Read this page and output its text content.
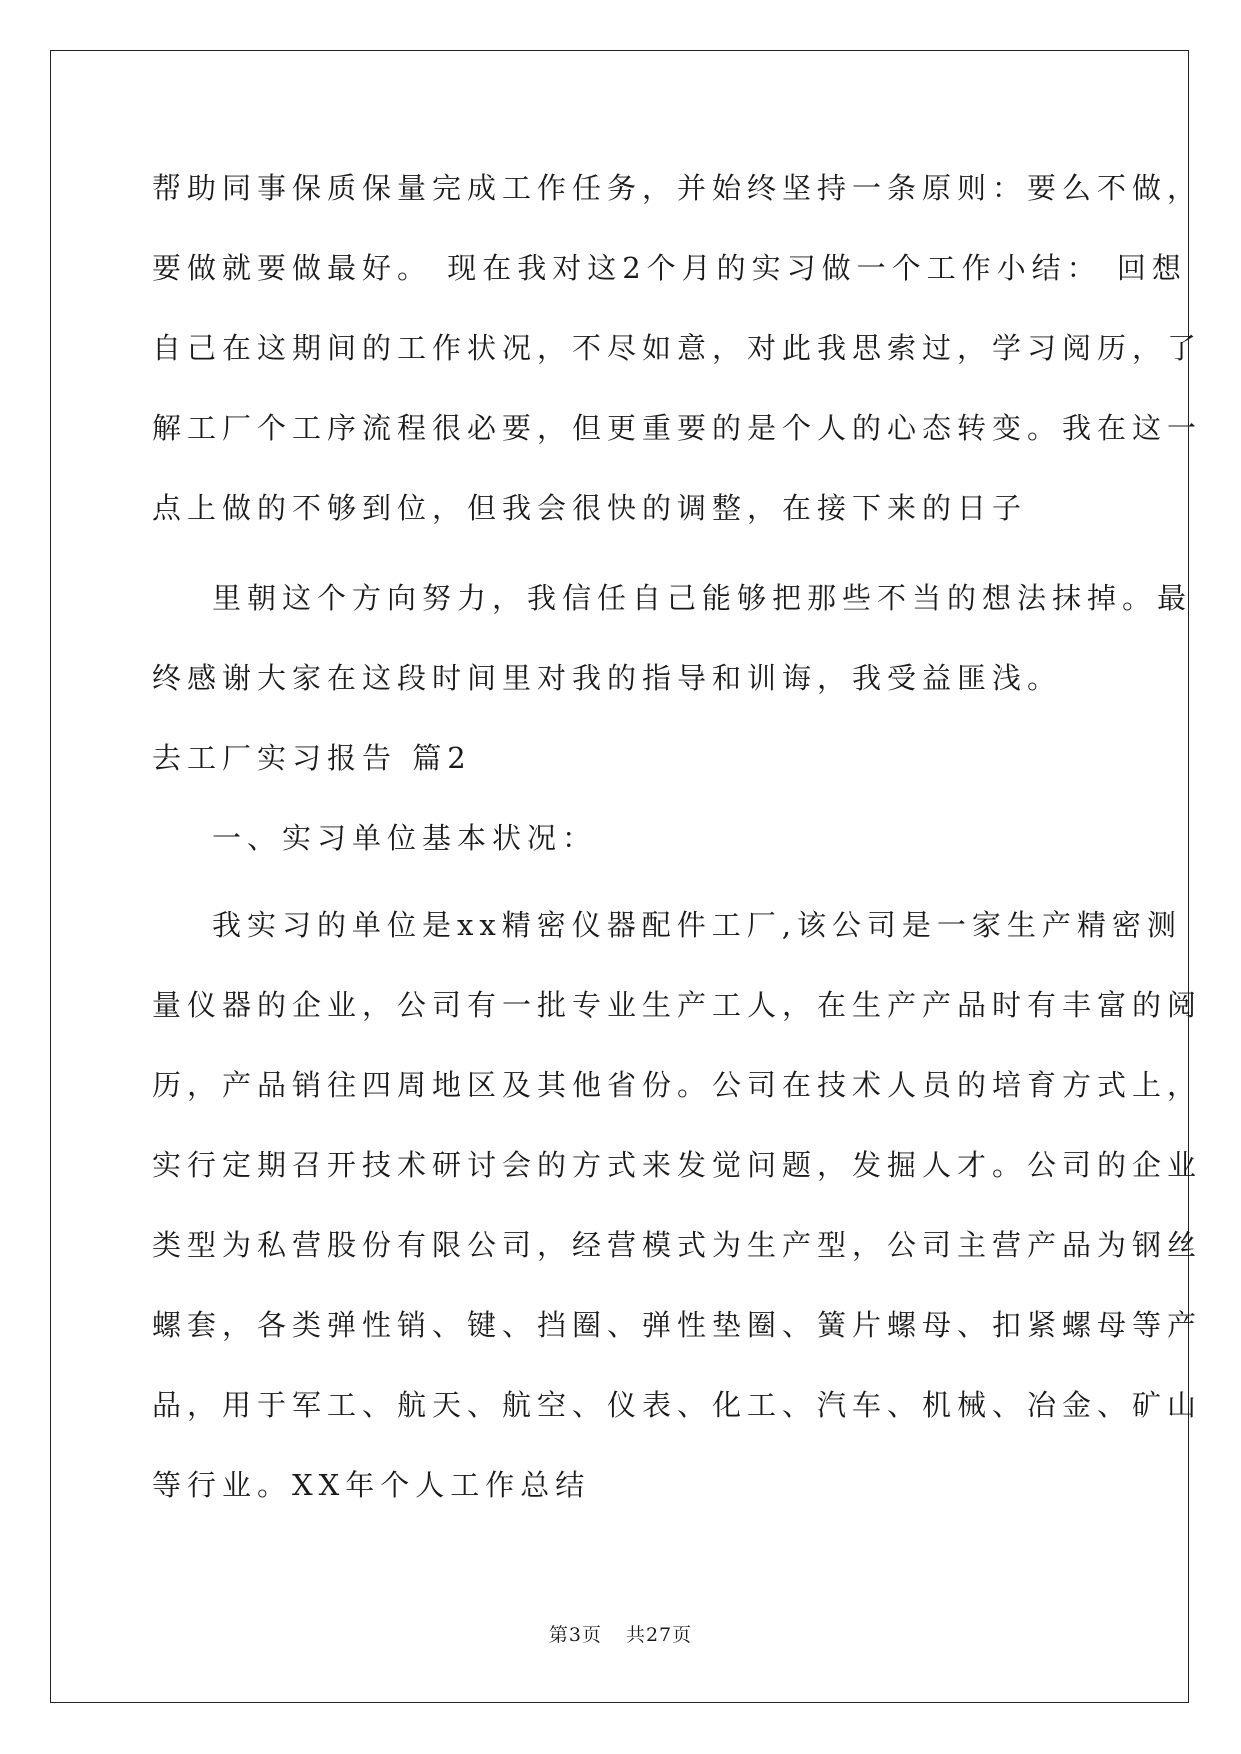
帮助同事保质保量完成工作任务，并始终坚持一条原则：要么不做，
要做就要做最好。 现在我对这2个月的实习做一个工作小结： 回想
自己在这期间的工作状况，不尽如意，对此我思索过，学习阅历，了
解工厂个工序流程很必要，但更重要的是个人的心态转变。我在这一
点上做的不够到位，但我会很快的调整，在接下来的日子
里朝这个方向努力，我信任自己能够把那些不当的想法抹掉。最
终感谢大家在这段时间里对我的指导和训诲，我受益匪浅。
去工厂实习报告 篇2
一、实习单位基本状况：
我实习的单位是xx精密仪器配件工厂,该公司是一家生产精密测
量仪器的企业，公司有一批专业生产工人，在生产产品时有丰富的阅
历，产品销往四周地区及其他省份。公司在技术人员的培育方式上，
实行定期召开技术研讨会的方式来发觉问题，发掘人才。公司的企业
类型为私营股份有限公司，经营模式为生产型，公司主营产品为钢丝
螺套，各类弹性销、键、挡圈、弹性垫圈、簧片螺母、扣紧螺母等产
品，用于军工、航天、航空、仪表、化工、汽车、机械、冶金、矿山
等行业。XX年个人工作总结
第3页 共27页
